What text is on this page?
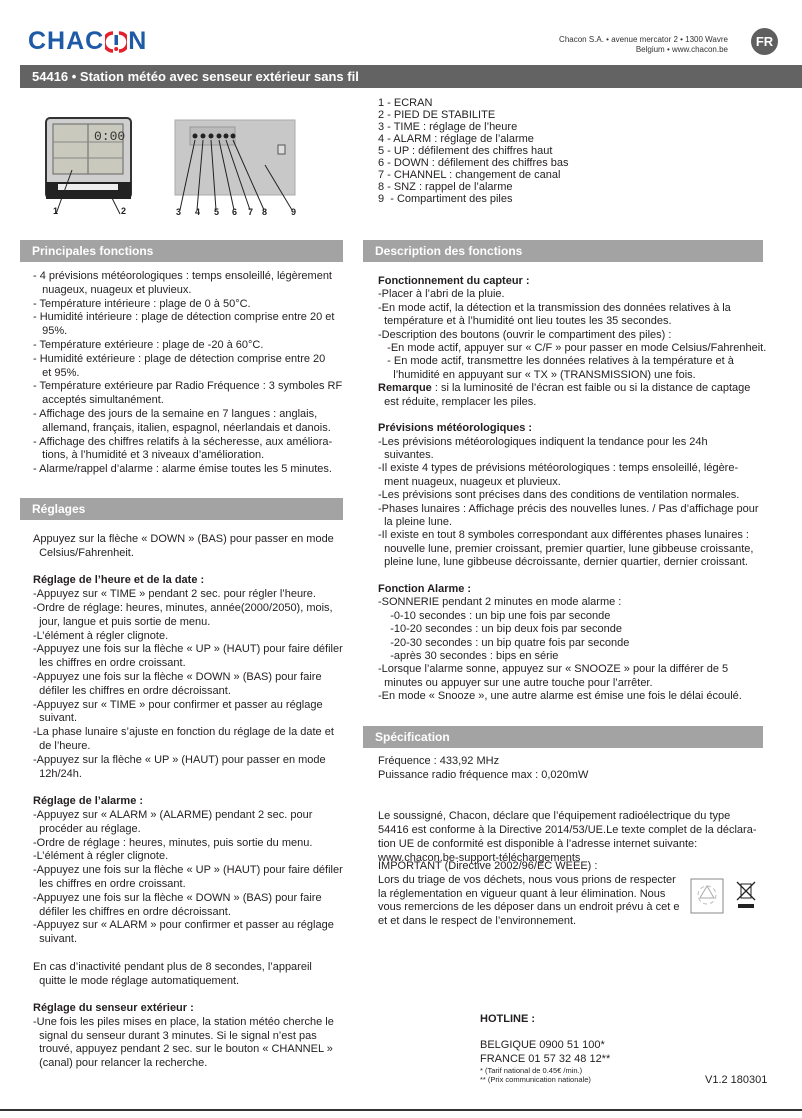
CHAC N	Chacon S.A. • avenue mercator 2 • 1300 Wavre
Belgium • www.chacon.be
FR
54416 • Station météo avec senseur extérieur sans fil
0:00
1	2	3 4 5 6 7 8	9
1 - ECRAN
2 - PIED DE STABILITE
3 - TIME : réglage de l’heure
4 - ALARM : réglage de l’alarme
5 - UP : défilement des chiffres haut
6 - DOWN : défilement des chiffres bas
7 - CHANNEL : changement de canal
8 - SNZ : rappel de l’alarme
9  - Compartiment des piles
Principales fonctions	Description des fonctions
Réglages
Spécification
- 4 prévisions météorologiques : temps ensoleillé, légèrement
nuageux, nuageux et pluvieux.
- Température intérieure : plage de 0 à 50°C.
- Humidité intérieure : plage de détection comprise entre 20 et
95%.
- Température extérieure : plage de -20 à 60°C.
- Humidité extérieure : plage de détection comprise entre 20
et 95%.
- Température extérieure par Radio Fréquence : 3 symboles RF
acceptés simultanément.
- Affichage des jours de la semaine en 7 langues : anglais,
allemand, français, italien, espagnol, néerlandais et danois.
- Affichage des chiffres relatifs à la sécheresse, aux améliora-
tions, à l’humidité et 3 niveaux d’amélioration.
- Alarme/rappel d’alarme : alarme émise toutes les 5 minutes.
Appuyez sur la flèche « DOWN » (BAS) pour passer en mode
Celsius/Fahrenheit.
Réglage de l’heure et de la date :
-Appuyez sur « TIME » pendant 2 sec. pour régler l’heure.
-Ordre de réglage: heures, minutes, année(2000/2050), mois,
jour, langue et puis sortie de menu.
-L’élément à régler clignote.
-Appuyez une fois sur la flèche « UP » (HAUT) pour faire défiler
les chiffres en ordre croissant.
-Appuyez une fois sur la flèche « DOWN » (BAS) pour faire
défiler les chiffres en ordre décroissant.
-Appuyez sur « TIME » pour confirmer et passer au réglage
suivant.
-La phase lunaire s’ajuste en fonction du réglage de la date et
de l’heure.
-Appuyez sur la flèche « UP » (HAUT) pour passer en mode
12h/24h.
Réglage de l’alarme :
-Appuyez sur « ALARM » (ALARME) pendant 2 sec. pour
procéder au réglage.
-Ordre de réglage : heures, minutes, puis sortie du menu.
-L’élément à régler clignote.
-Appuyez une fois sur la flèche « UP » (HAUT) pour faire défiler
les chiffres en ordre croissant.
-Appuyez une fois sur la flèche « DOWN » (BAS) pour faire
défiler les chiffres en ordre décroissant.
-Appuyez sur « ALARM » pour confirmer et passer au réglage
suivant.
En cas d’inactivité pendant plus de 8 secondes, l’appareil
quitte le mode réglage automatiquement.
Réglage du senseur extérieur :
-Une fois les piles mises en place, la station météo cherche le
signal du senseur durant 3 minutes. Si le signal n’est pas
trouvé, appuyez pendant 2 sec. sur le bouton « CHANNEL »
(canal) pour relancer la recherche.
Fonctionnement du capteur :
-Placer à l’abri de la pluie.
-En mode actif, la détection et la transmission des données relatives à la
température et à l’humidité ont lieu toutes les 35 secondes.
-Description des boutons (ouvrir le compartiment des piles) :
-En mode actif, appuyer sur « C/F » pour passer en mode Celsius/Fahrenheit.
- En mode actif, transmettre les données relatives à la température et à
l’humidité en appuyant sur « TX » (TRANSMISSION) une fois.
Remarque : si la luminosité de l’écran est faible ou si la distance de captage
est réduite, remplacer les piles.
Prévisions météorologiques :
-Les prévisions météorologiques indiquent la tendance pour les 24h
suivantes.
-Il existe 4 types de prévisions météorologiques : temps ensoleillé, légère-
ment nuageux, nuageux et pluvieux.
-Les prévisions sont précises dans des conditions de ventilation normales.
-Phases lunaires : Affichage précis des nouvelles lunes. / Pas d’affichage pour
la pleine lune.
-Il existe en tout 8 symboles correspondant aux différentes phases lunaires :
nouvelle lune, premier croissant, premier quartier, lune gibbeuse croissante,
pleine lune, lune gibbeuse décroissante, dernier quartier, dernier croissant.
Fonction Alarme :
-SONNERIE pendant 2 minutes en mode alarme :
-0-10 secondes : un bip une fois par seconde
-10-20 secondes : un bip deux fois par seconde
-20-30 secondes : un bip quatre fois par seconde
-après 30 secondes : bips en série
-Lorsque l’alarme sonne, appuyez sur « SNOOZE » pour la différer de 5
minutes ou appuyer sur une autre touche pour l’arrêter.
-En mode « Snooze », une autre alarme est émise une fois le délai écoulé.
Fréquence : 433,92 MHz
Puissance radio fréquence max : 0,020mW
Le soussigné, Chacon, déclare que l’équipement radioélectrique du type
54416 est conforme à la Directive 2014/53/UE.Le texte complet de la déclara-
tion UE de conformité est disponible à l’adresse internet suivante:
www.chacon.be-support-téléchargements
IMPORTANT (Directive 2002/96/EC WEEE) :
Lors du triage de vos déchets, nous vous prions de respecter
la réglementation en vigueur quant à leur élimination. Nous
vous remercions de les déposer dans un endroit prévu à cet e
et et dans le respect de l’environnement.
HOTLINE :
BELGIQUE 0900 51 100*
FRANCE 01 57 32 48 12**
* (Tarif national de 0.45€ /min.)
** (Prix communication nationale)	V1.2 180301
